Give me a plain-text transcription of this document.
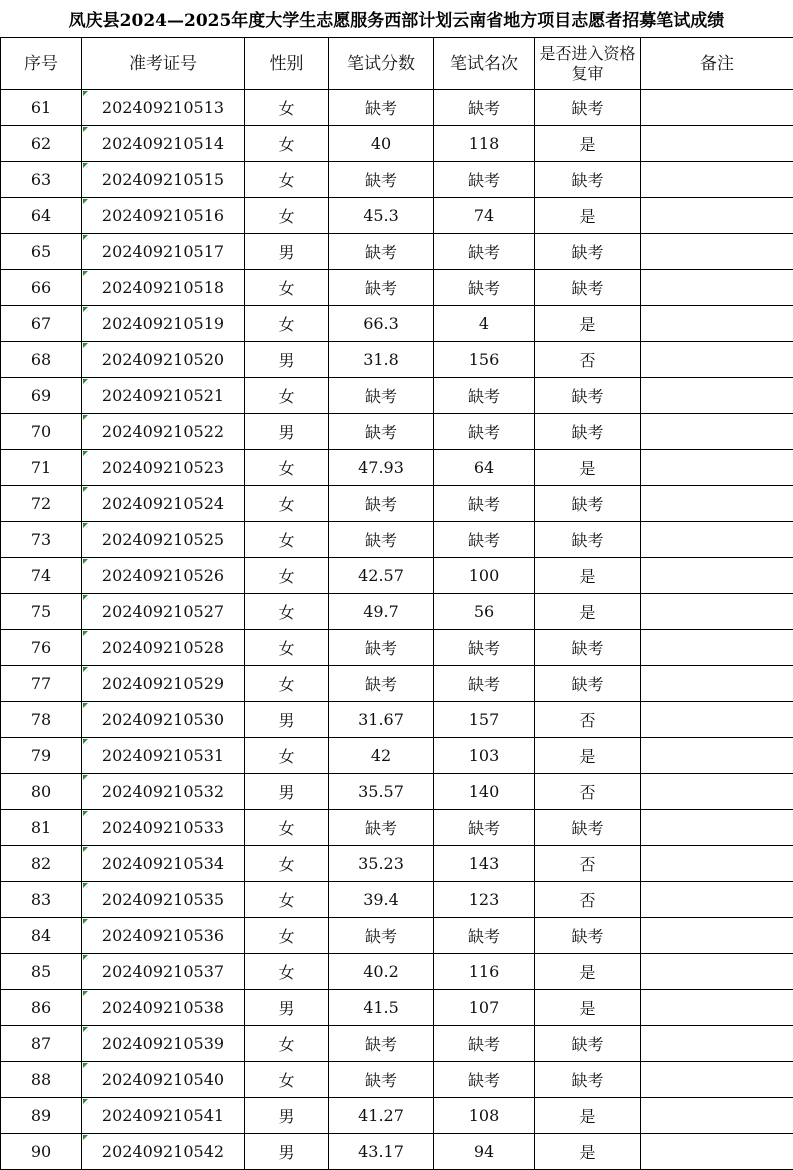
凤庆县2024—2025年度大学生志愿服务西部计划云南省地方项目志愿者招募笔试成绩
序号	准考证号	性别	笔试分数	笔试名次	是否进入资格复审	备注
61	202409210513	女	缺考	缺考	缺考	
62	202409210514	女	40	118	是	
63	202409210515	女	缺考	缺考	缺考	
64	202409210516	女	45.3	74	是	
65	202409210517	男	缺考	缺考	缺考	
66	202409210518	女	缺考	缺考	缺考	
67	202409210519	女	66.3	4	是	
68	202409210520	男	31.8	156	否	
69	202409210521	女	缺考	缺考	缺考	
70	202409210522	男	缺考	缺考	缺考	
71	202409210523	女	47.93	64	是	
72	202409210524	女	缺考	缺考	缺考	
73	202409210525	女	缺考	缺考	缺考	
74	202409210526	女	42.57	100	是	
75	202409210527	女	49.7	56	是	
76	202409210528	女	缺考	缺考	缺考	
77	202409210529	女	缺考	缺考	缺考	
78	202409210530	男	31.67	157	否	
79	202409210531	女	42	103	是	
80	202409210532	男	35.57	140	否	
81	202409210533	女	缺考	缺考	缺考	
82	202409210534	女	35.23	143	否	
83	202409210535	女	39.4	123	否	
84	202409210536	女	缺考	缺考	缺考	
85	202409210537	女	40.2	116	是	
86	202409210538	男	41.5	107	是	
87	202409210539	女	缺考	缺考	缺考	
88	202409210540	女	缺考	缺考	缺考	
89	202409210541	男	41.27	108	是	
90	202409210542	男	43.17	94	是	
